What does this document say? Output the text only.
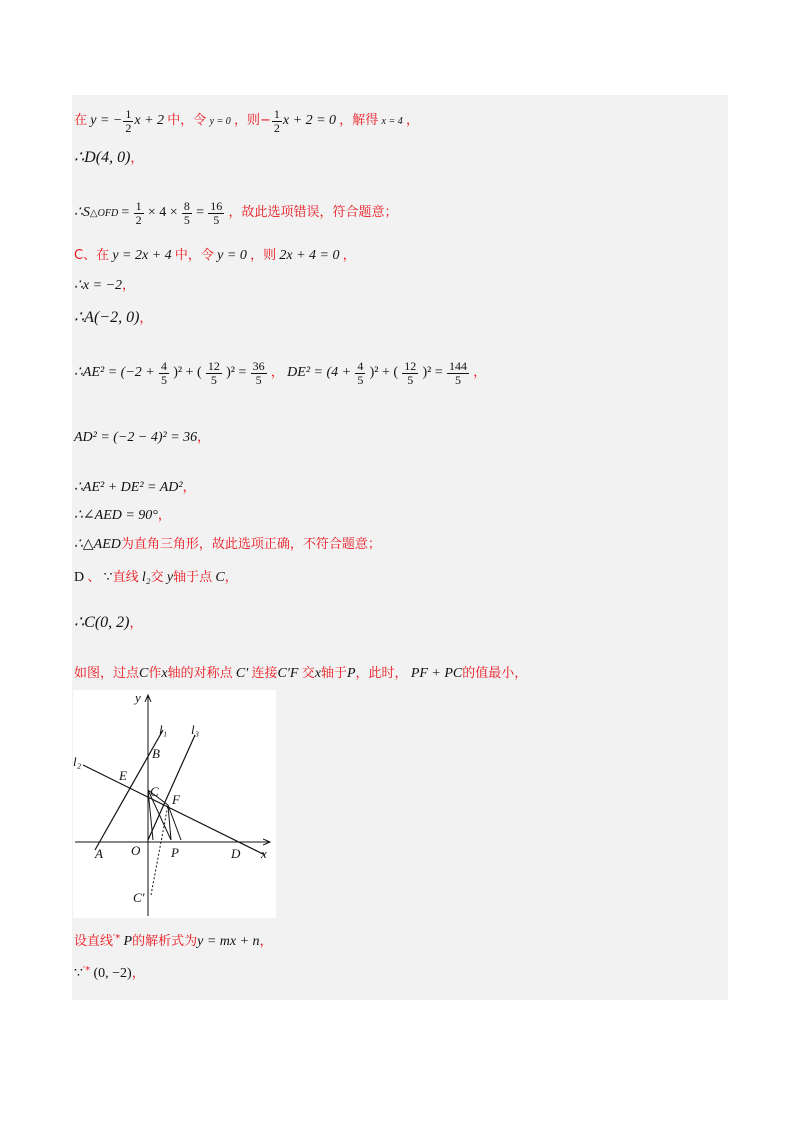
在 y = − $\frac{1}{2}$ x + 2 中，令 y = 0 ，则− $\frac{1}{2}$ x + 2 = 0 ，解得 x = 4 ，
∴D(4, 0)，
∴S△OFD = $\frac{1}{2} \times 4 \times \frac{8}{5} = \frac{16}{5}$ ，故此选项错误，符合题意；
C、在 y = 2x + 4 中，令 y = 0 ，则 2x + 4 = 0 ，
∴x = −2，
∴A(−2, 0)，
∴AE² = $(-2 + \frac{4}{5} )^2$ + ( $\frac{12}{5} )^2 = \frac{36}{5}$ ， $DE^2 = (4 + \frac{4}{5} )^2$ + ( $\frac{12}{5} )^2 = \frac{144}{5}$ ，
AD² = (−2 − 4)² = 36，
∴AE² + DE² = AD²，
∴∠AED = 90°，
∴△AED为直角三角形，故此选项正确，不符合题意；
D 、 ∵直线 l₂交 y轴于点 C，
∴C(0, 2)，
如图，过点C作x轴的对称点 C′ 连接C′F 交x轴于P，此时， PF + PC的值最小，
y
x
l₁
l₂
l₃
B
E
C
F
A O P	D
C′
设直线′* P的解析式为y = mx + n，
∵′* (0, −2)，
